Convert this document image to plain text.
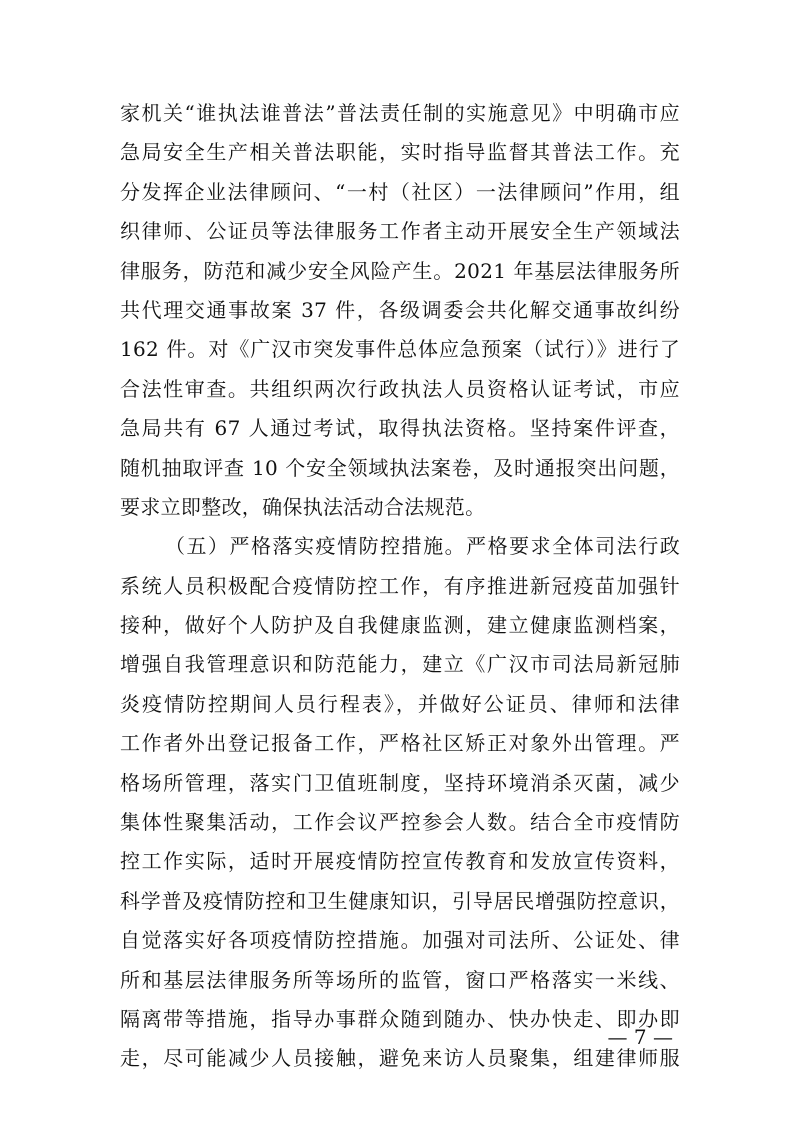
家机关“谁执法谁普法”普法责任制的实施意见》中明确市应
急局安全生产相关普法职能，实时指导监督其普法工作。充
分发挥企业法律顾问、“一村（社区）一法律顾问”作用，组
织律师、公证员等法律服务工作者主动开展安全生产领域法
律服务，防范和减少安全风险产生。2021 年基层法律服务所
共代理交通事故案 37 件，各级调委会共化解交通事故纠纷
162 件。对《广汉市突发事件总体应急预案（试行）》进行了
合法性审查。共组织两次行政执法人员资格认证考试，市应
急局共有 67 人通过考试，取得执法资格。坚持案件评查，
随机抽取评查 10 个安全领域执法案卷，及时通报突出问题，
要求立即整改，确保执法活动合法规范。
（五）严格落实疫情防控措施。严格要求全体司法行政
系统人员积极配合疫情防控工作，有序推进新冠疫苗加强针
接种，做好个人防护及自我健康监测，建立健康监测档案，
增强自我管理意识和防范能力，建立《广汉市司法局新冠肺
炎疫情防控期间人员行程表》，并做好公证员、律师和法律
工作者外出登记报备工作，严格社区矫正对象外出管理。严
格场所管理，落实门卫值班制度，坚持环境消杀灭菌，减少
集体性聚集活动，工作会议严控参会人数。结合全市疫情防
控工作实际，适时开展疫情防控宣传教育和发放宣传资料，
科学普及疫情防控和卫生健康知识，引导居民增强防控意识，
自觉落实好各项疫情防控措施。加强对司法所、公证处、律
所和基层法律服务所等场所的监管，窗口严格落实一米线、
隔离带等措施，指导办事群众随到随办、快办快走、即办即
走，尽可能减少人员接触，避免来访人员聚集，组建律师服
— 7 —
